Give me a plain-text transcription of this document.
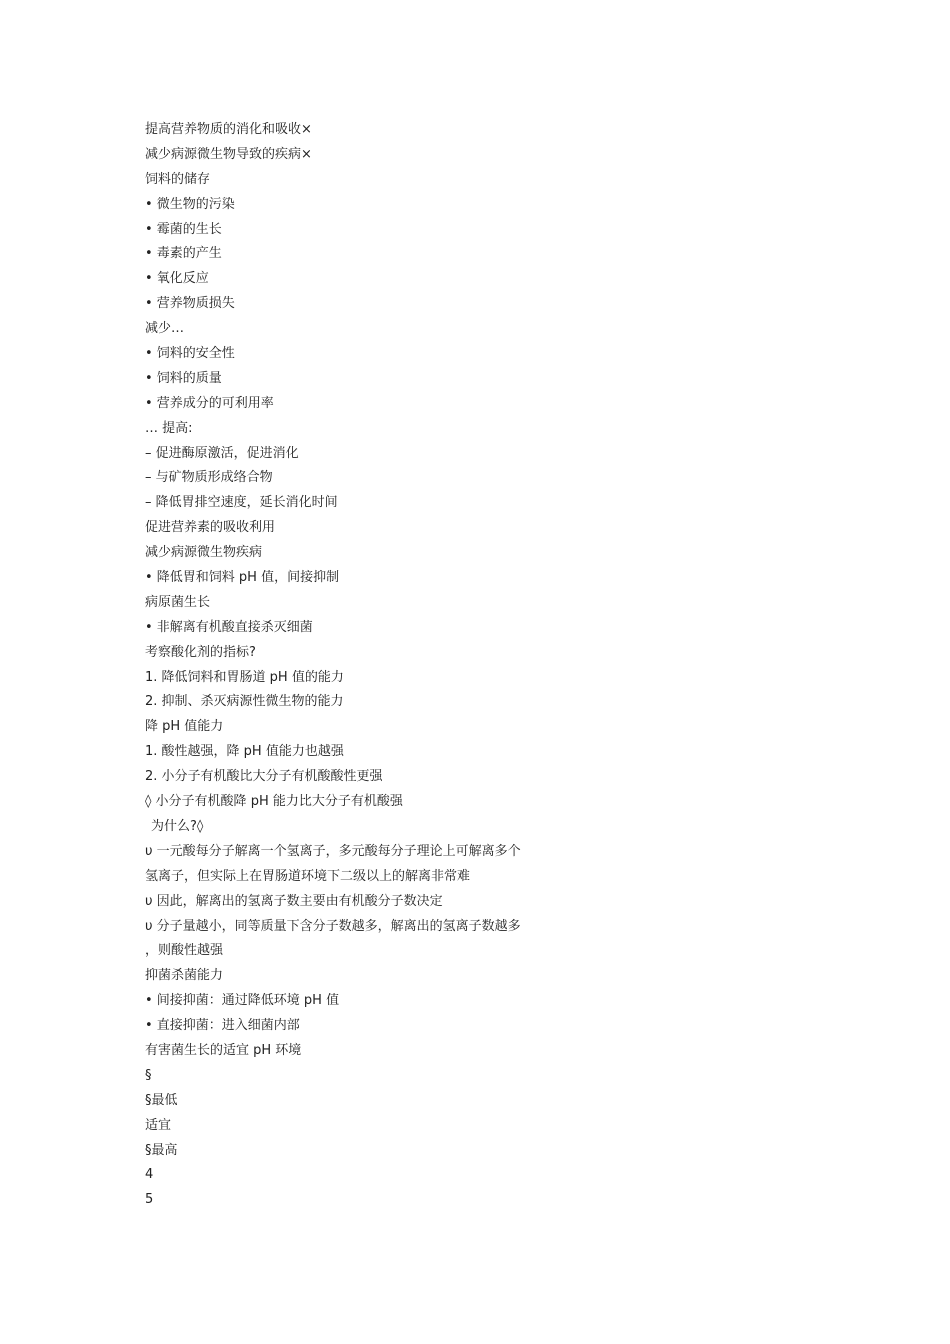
提高营养物质的消化和吸收×
减少病源微生物导致的疾病×
饲料的储存
• 微生物的污染
• 霉菌的生长
• 毒素的产生
• 氧化反应
• 营养物质损失
减少…
• 饲料的安全性
• 饲料的质量
• 营养成分的可利用率
… 提高:
– 促进酶原激活，促进消化
– 与矿物质形成络合物
– 降低胃排空速度，延长消化时间
促进营养素的吸收利用
减少病源微生物疾病
• 降低胃和饲料 pH 值，间接抑制
病原菌生长
• 非解离有机酸直接杀灭细菌
考察酸化剂的指标?
1. 降低饲料和胃肠道 pH 值的能力
2. 抑制、杀灭病源性微生物的能力
降 pH 值能力
1. 酸性越强，降 pH 值能力也越强
2. 小分子有机酸比大分子有机酸酸性更强
◊ 小分子有机酸降 pH 能力比大分子有机酸强
为什么?◊
υ 一元酸每分子解离一个氢离子，多元酸每分子理论上可解离多个
氢离子，但实际上在胃肠道环境下二级以上的解离非常难
υ 因此，解离出的氢离子数主要由有机酸分子数决定
υ 分子量越小，同等质量下含分子数越多，解离出的氢离子数越多
，则酸性越强
抑菌杀菌能力
• 间接抑菌：通过降低环境 pH 值
• 直接抑菌：进入细菌内部
有害菌生长的适宜 pH 环境
§
§最低
适宜
§最高
4
5
